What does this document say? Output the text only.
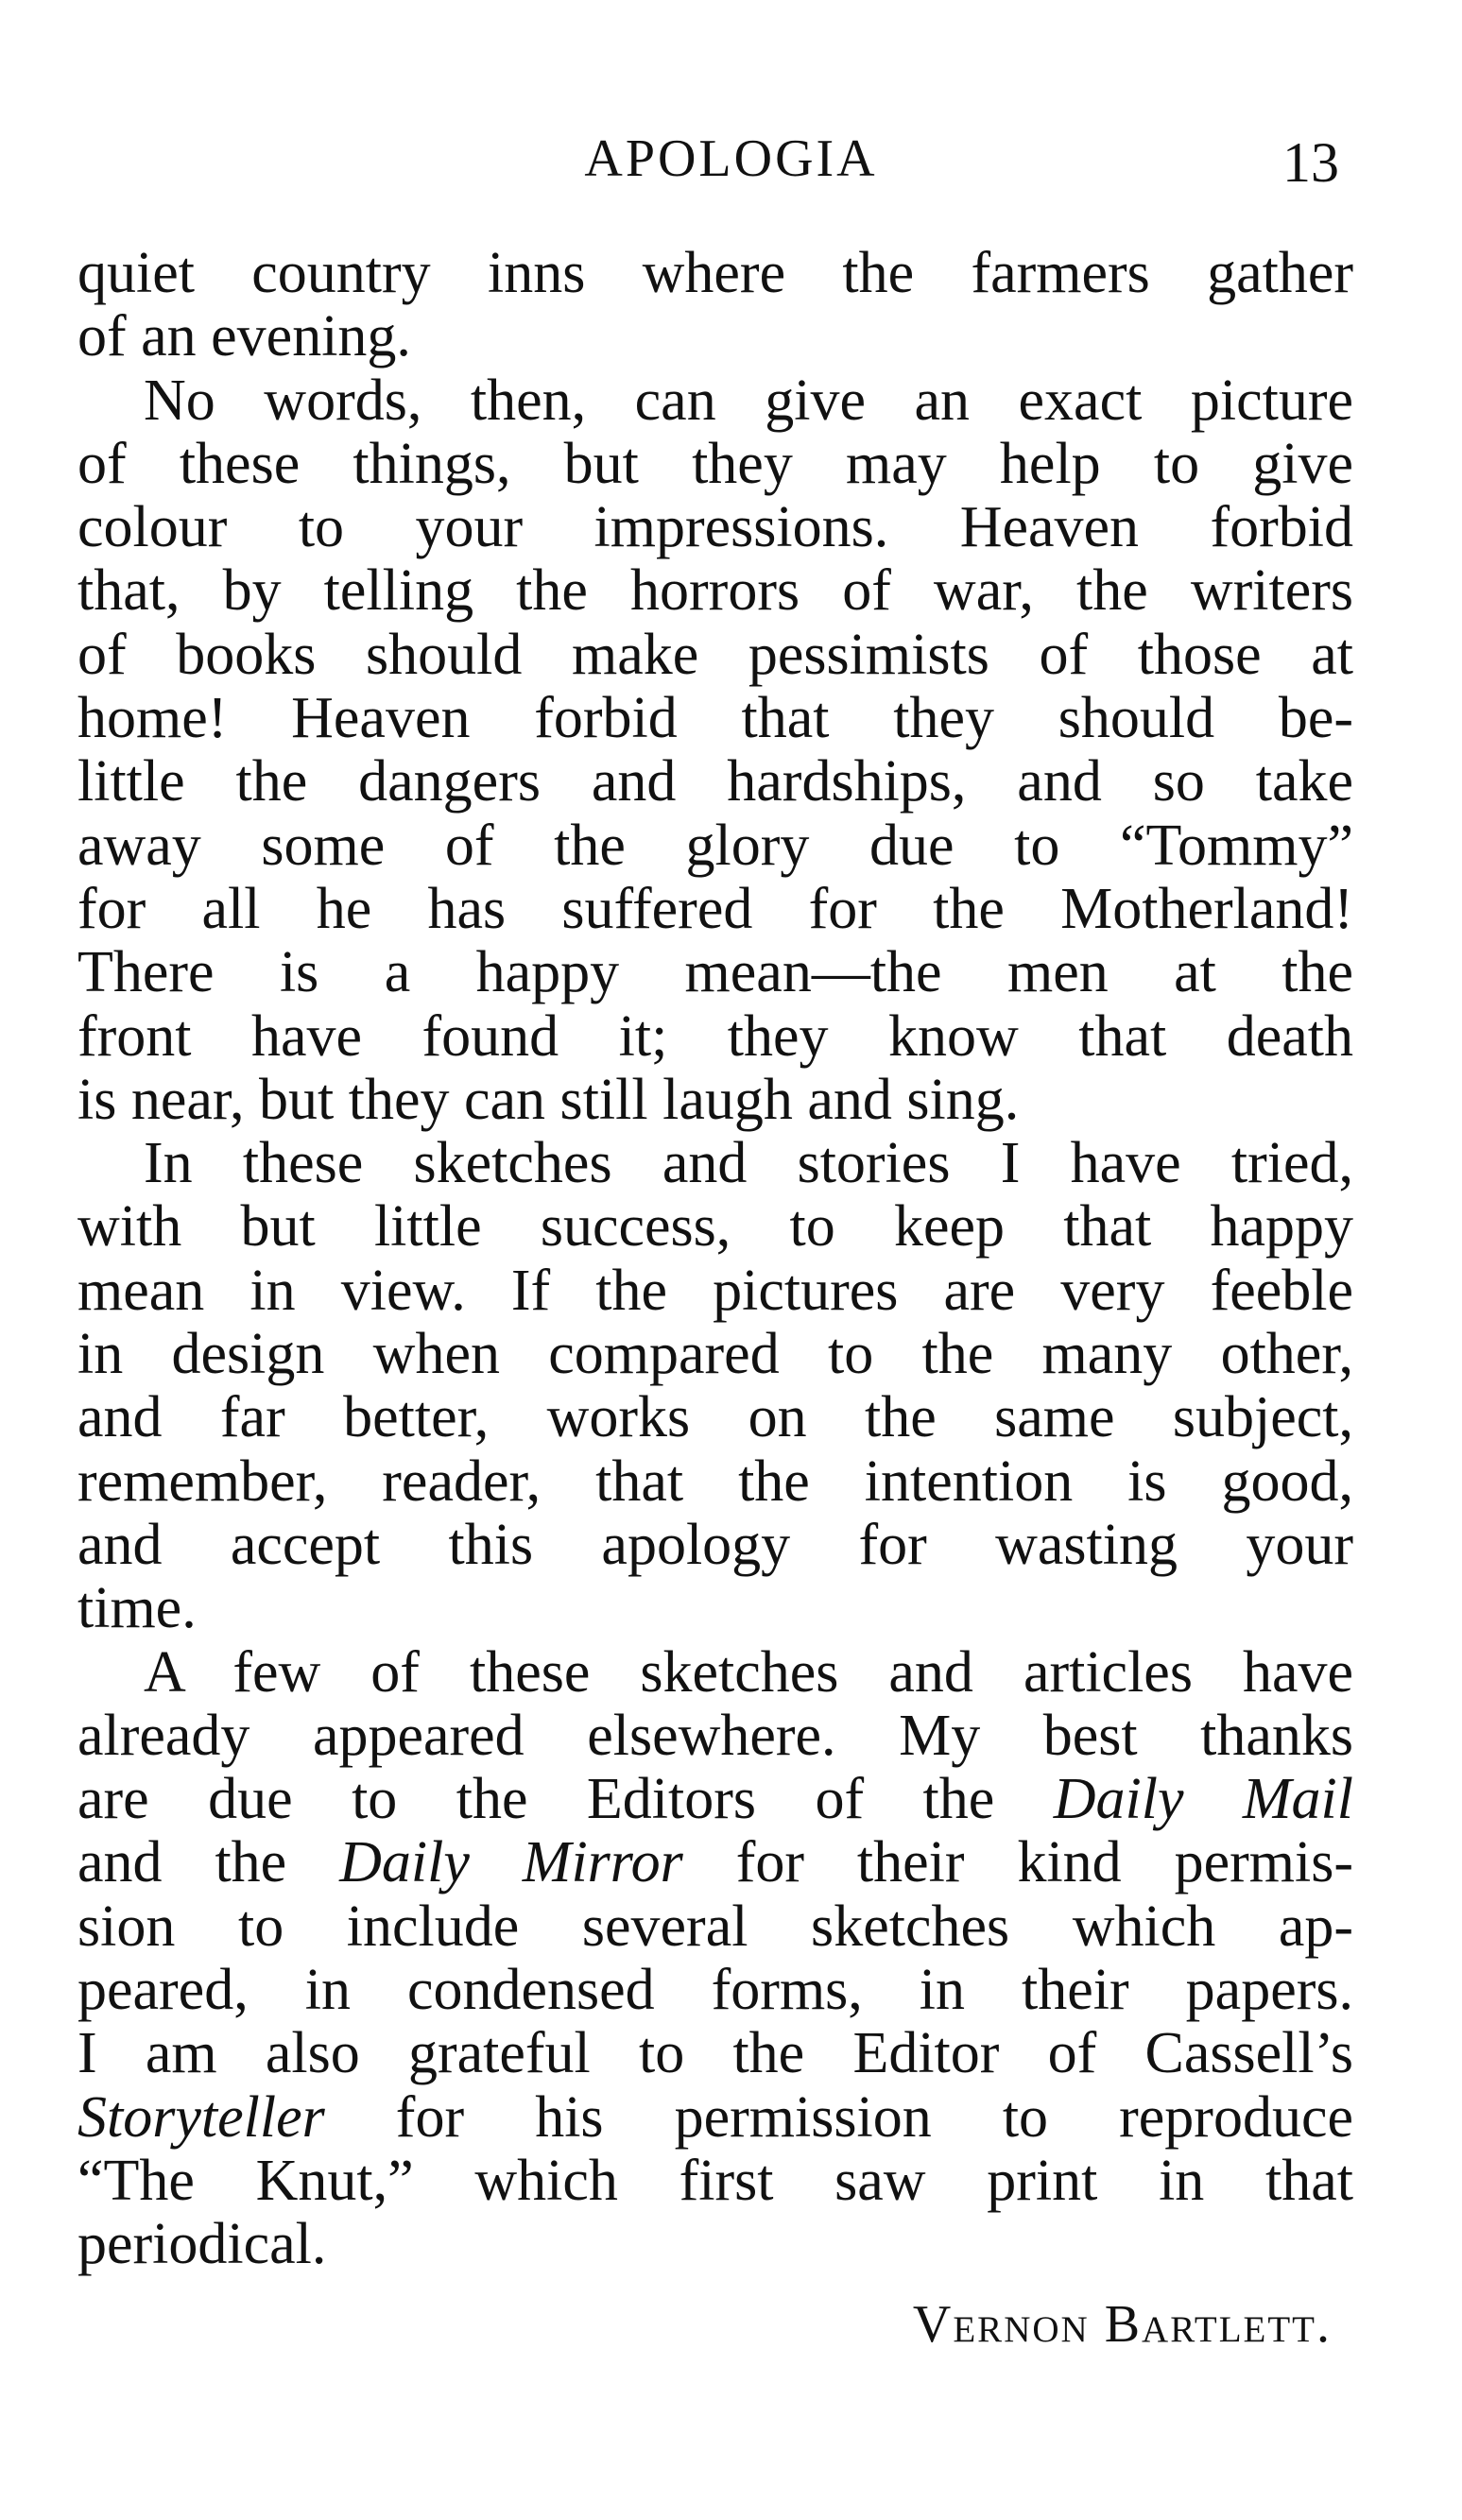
APOLOGIA	13
quiet country inns where the farmers gather
of an evening.
No words, then, can give an exact picture
of these things, but they may help to give
colour to your impressions. Heaven forbid
that, by telling the horrors of war, the writers
of books should make pessimists of those at
home! Heaven forbid that they should be-
little the dangers and hardships, and so take
away some of the glory due to “Tommy”
for all he has suffered for the Motherland!
There is a happy mean—the men at the
front have found it; they know that death
is near, but they can still laugh and sing.
In these sketches and stories I have tried,
with but little success, to keep that happy
mean in view. If the pictures are very feeble
in design when compared to the many other,
and far better, works on the same subject,
remember, reader, that the intention is good,
and accept this apology for wasting your
time.
A few of these sketches and articles have
already appeared elsewhere. My best thanks
are due to the Editors of the Daily Mail
and the Daily Mirror for their kind permis-
sion to include several sketches which ap-
peared, in condensed forms, in their papers.
I am also grateful to the Editor of Cassell’s
Storyteller for his permission to reproduce
“The Knut,” which first saw print in that
periodical.
Vernon Bartlett.
